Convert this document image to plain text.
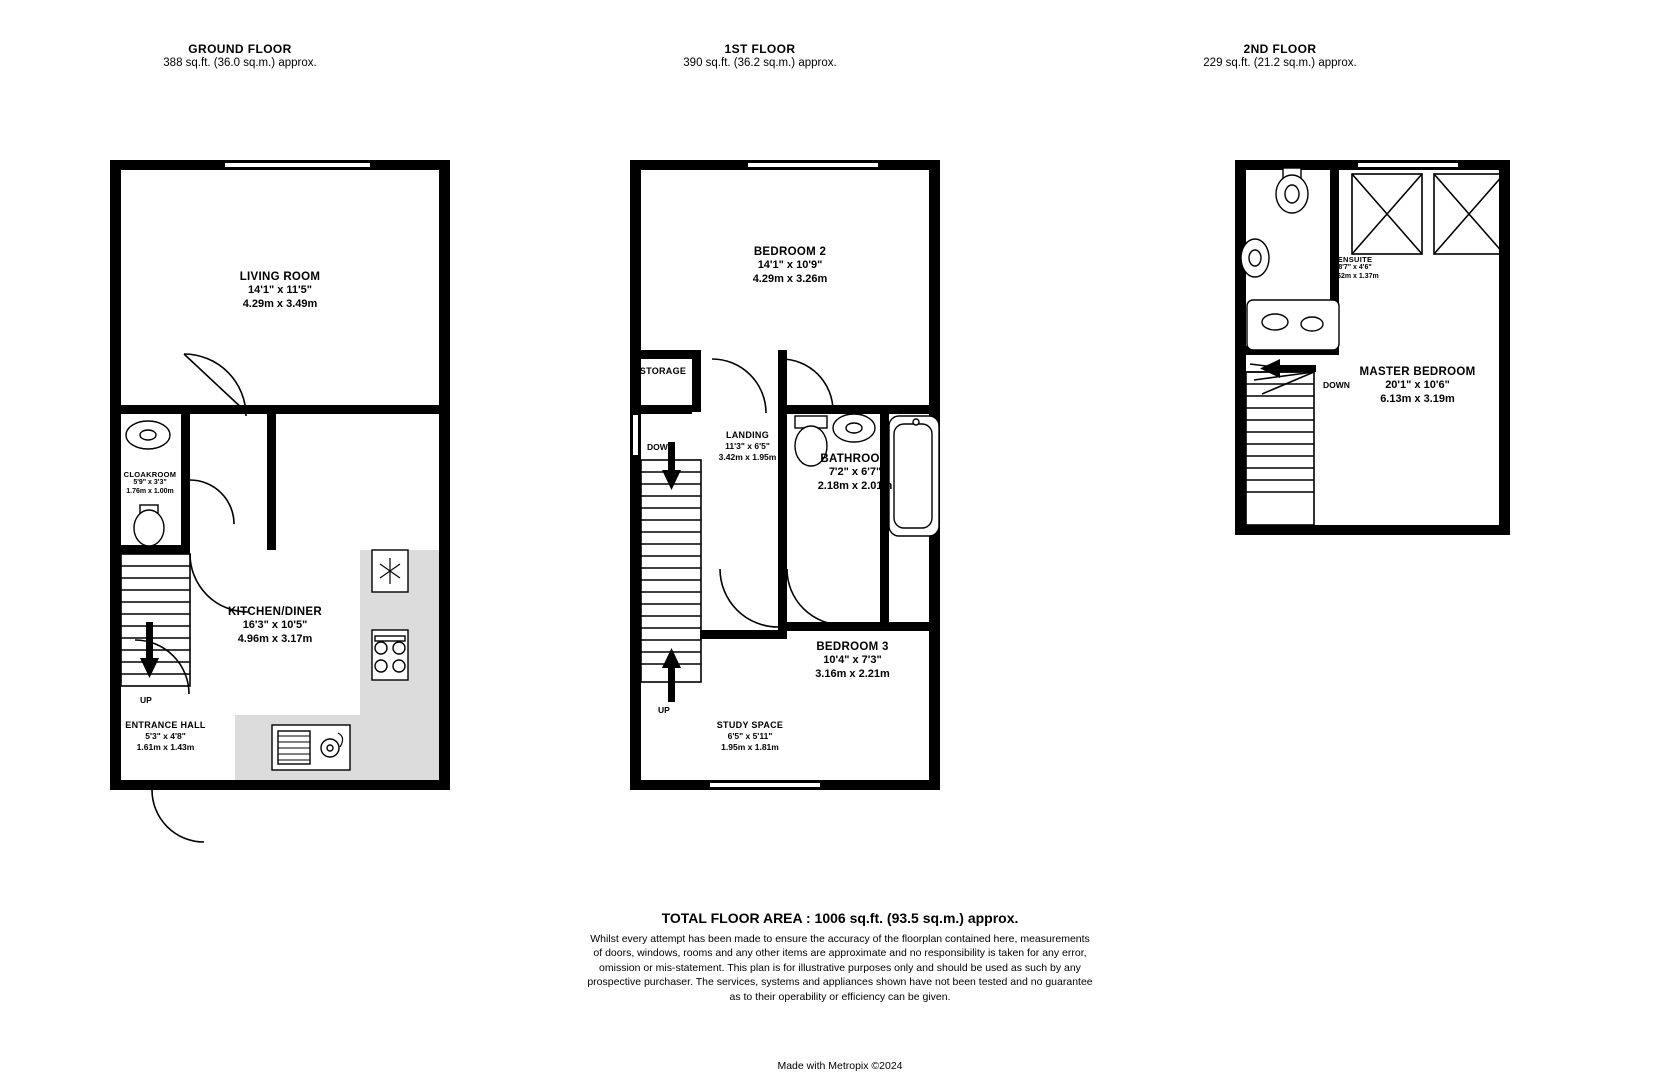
GROUND FLOOR
388 sq.ft. (36.0 sq.m.) approx.
LIVING ROOM
14'1" x 11'5"
4.29m x 3.49m
CLOAKROOM
5'9" x 3'3"
1.76m x 1.00m
KITCHEN/DINER
16'3" x 10'5"
4.96m x 3.17m
ENTRANCE HALL
5'3" x 4'8"
1.61m x 1.43m
UP
1ST FLOOR
390 sq.ft. (36.2 sq.m.) approx.
BEDROOM 2
14'1" x 10'9"
4.29m x 3.26m
STORAGE
LANDING
11'3" x 6'5"
3.42m x 1.95m	BATHROOM
7'2" x 6'7"
2.18m x 2.01m
BEDROOM 3
10'4" x 7'3"
3.16m x 2.21m
STUDY SPACE
6'5" x 5'11"
1.95m x 1.81m
DOWN
UP
2ND FLOOR
229 sq.ft. (21.2 sq.m.) approx.
ENSUITE
8'7" x 4'6"
2.62m x 1.37m
MASTER BEDROOM
20'1" x 10'6"
6.13m x 3.19m
DOWN
TOTAL FLOOR AREA : 1006 sq.ft. (93.5 sq.m.) approx.

Whilst every attempt has been made to ensure the accuracy of the floorplan contained here, measurements

of doors, windows, rooms and any other items are approximate and no responsibility is taken for any error,

omission or mis-statement. This plan is for illustrative purposes only and should be used as such by any

prospective purchaser. The services, systems and appliances shown have not been tested and no guarantee

as to their operability or efficiency can be given.

Made with Metropix ©2024
